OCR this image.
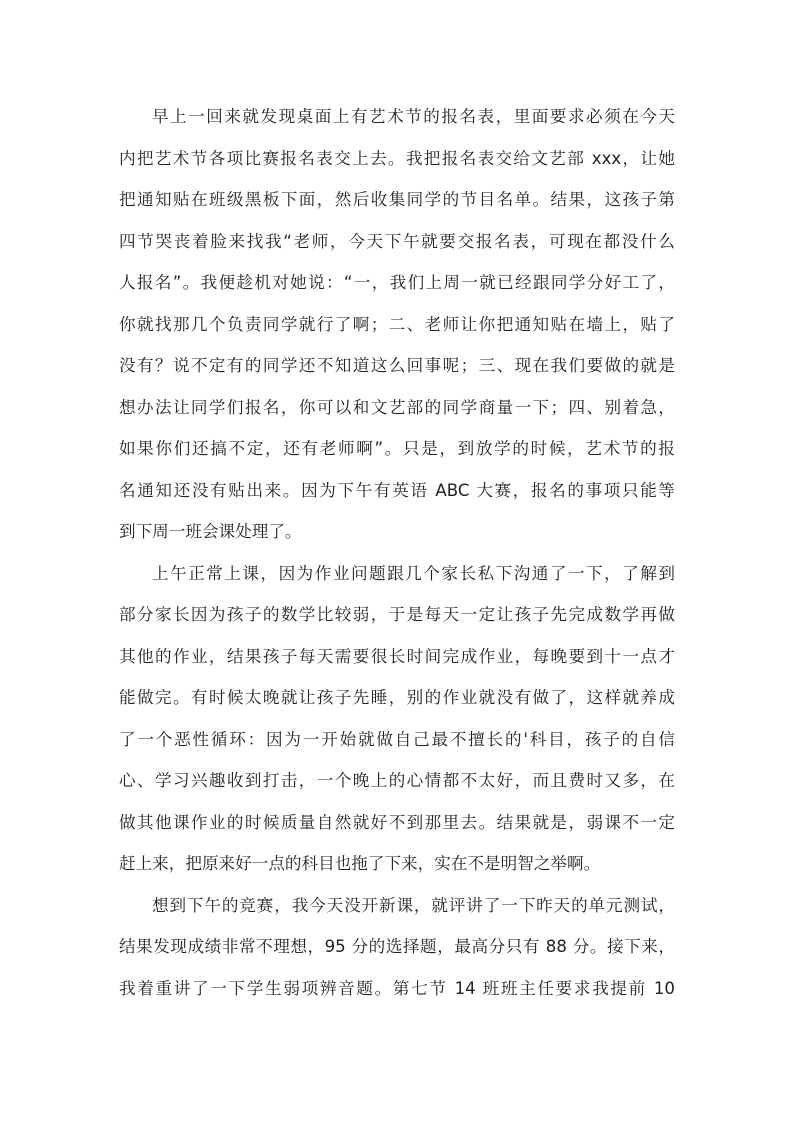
早上一回来就发现桌面上有艺术节的报名表，里面要求必须在今天
内把艺术节各项比赛报名表交上去。我把报名表交给文艺部 xxx，让她
把通知贴在班级黑板下面，然后收集同学的节目名单。结果，这孩子第
四节哭丧着脸来找我“老师，今天下午就要交报名表，可现在都没什么
人报名”。我便趁机对她说：“一，我们上周一就已经跟同学分好工了，
你就找那几个负责同学就行了啊；二、老师让你把通知贴在墙上，贴了
没有？说不定有的同学还不知道这么回事呢；三、现在我们要做的就是
想办法让同学们报名，你可以和文艺部的同学商量一下；四、别着急，
如果你们还搞不定，还有老师啊”。只是，到放学的时候，艺术节的报
名通知还没有贴出来。因为下午有英语 ABC 大赛，报名的事项只能等
到下周一班会课处理了。

上午正常上课，因为作业问题跟几个家长私下沟通了一下，了解到
部分家长因为孩子的数学比较弱，于是每天一定让孩子先完成数学再做
其他的作业，结果孩子每天需要很长时间完成作业，每晚要到十一点才
能做完。有时候太晚就让孩子先睡，别的作业就没有做了，这样就养成
了一个恶性循环：因为一开始就做自己最不擅长的'科目，孩子的自信
心、学习兴趣收到打击，一个晚上的心情都不太好，而且费时又多，在
做其他课作业的时候质量自然就好不到那里去。结果就是，弱课不一定
赶上来，把原来好一点的科目也拖了下来，实在不是明智之举啊。

想到下午的竞赛，我今天没开新课，就评讲了一下昨天的单元测试，
结果发现成绩非常不理想，95 分的选择题，最高分只有 88 分。接下来，
我着重讲了一下学生弱项辨音题。第七节 14 班班主任要求我提前 10
